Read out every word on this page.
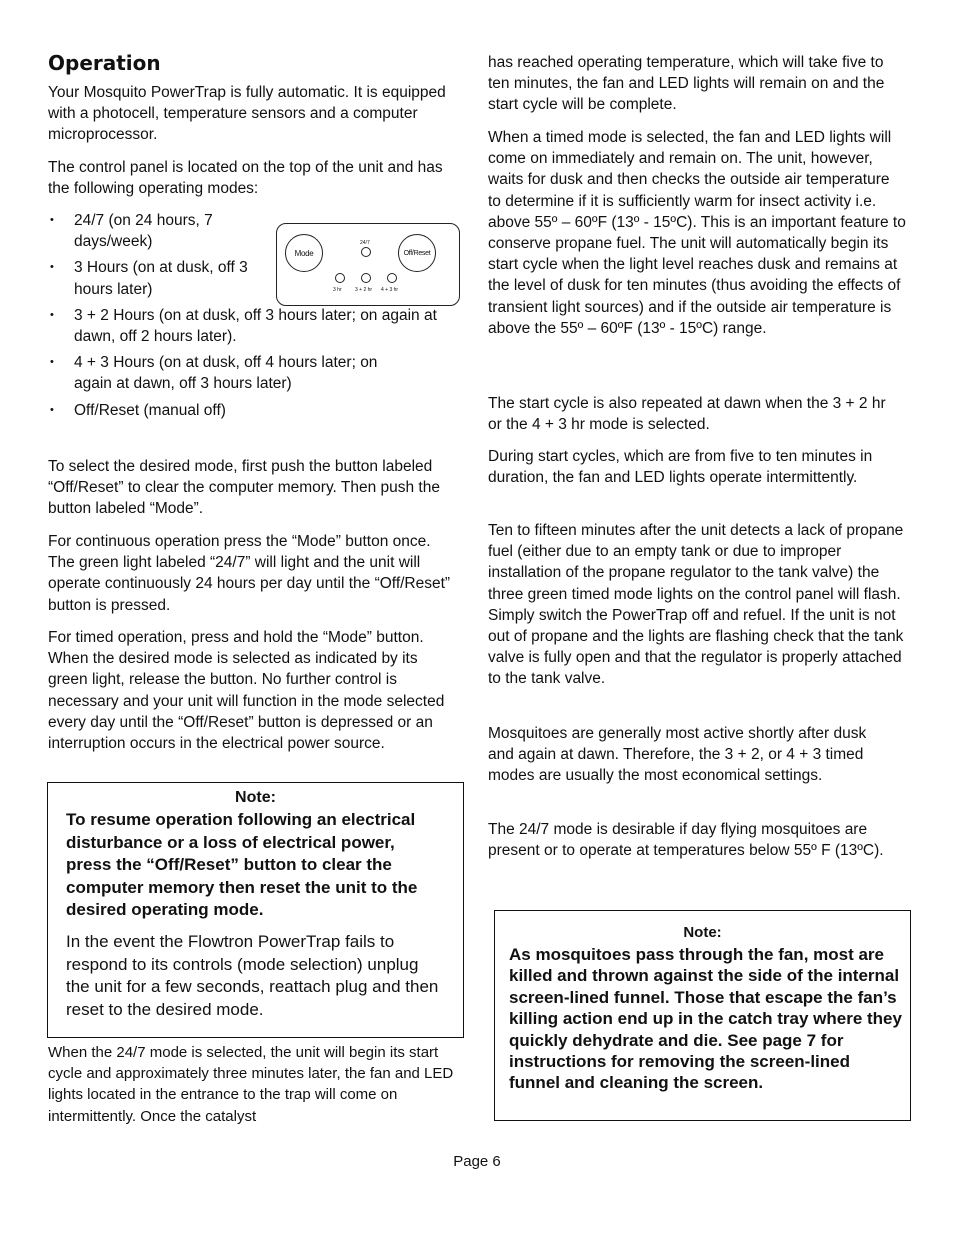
Operation

Your Mosquito PowerTrap is fully automatic. It is equipped with a photocell, temperature sensors and a computer microprocessor.

The control panel is located on the top of the unit and has the following operating modes:

• 24/7 (on 24 hours, 7 days/week)
• 3 Hours (on at dusk, off 3 hours later)
• 3 + 2 Hours (on at dusk, off 3 hours later; on again at dawn, off 2 hours later).
• 4 + 3 Hours (on at dusk, off 4 hours later; on again at dawn, off 3 hours later)
• Off/Reset (manual off)
Mode	Off/Reset
24/7
3 hr	3 + 2 hr 4 + 3 hr

To select the desired mode, first push the button labeled “Off/Reset” to clear the computer memory. Then push the button labeled “Mode”.

For continuous operation press the “Mode” button once. The green light labeled “24/7” will light and the unit will operate continuously 24 hours per day until the “Off/Reset” button is pressed.

For timed operation, press and hold the “Mode” button. When the desired mode is selected as indicated by its green light, release the button. No further control is necessary and your unit will function in the mode selected every day until the “Off/Reset” button is depressed or an interruption occurs in the electrical power source.

Note:
To resume operation following an electrical disturbance or a loss of electrical power, press the “Off/Reset” button to clear the computer memory then reset the unit to the desired operating mode.
In the event the Flowtron PowerTrap fails to respond to its controls (mode selection) unplug the unit for a few seconds, reattach plug and then reset to the desired mode.

When the 24/7 mode is selected, the unit will begin its start cycle and approximately three minutes later, the fan and LED lights located in the entrance to the trap will come on intermittently. Once the catalyst

has reached operating temperature, which will take five to ten minutes, the fan and LED lights will remain on and the start cycle will be complete.

When a timed mode is selected, the fan and LED lights will come on immediately and remain on. The unit, however, waits for dusk and then checks the outside air temperature to determine if it is sufficiently warm for insect activity i.e. above 55º – 60ºF (13º - 15ºC). This is an important feature to conserve propane fuel. The unit will automatically begin its start cycle when the light level reaches dusk and remains at the level of dusk for ten minutes (thus avoiding the effects of transient light sources) and if the outside air temperature is above the 55º – 60ºF (13º - 15ºC) range.

The start cycle is also repeated at dawn when the 3 + 2 hr or the 4 + 3 hr mode is selected.

During start cycles, which are from five to ten minutes in duration, the fan and LED lights operate intermittently.

Ten to fifteen minutes after the unit detects a lack of propane fuel (either due to an empty tank or due to improper installation of the propane regulator to the tank valve) the three green timed mode lights on the control panel will flash. Simply switch the PowerTrap off and refuel. If the unit is not out of propane and the lights are flashing check that the tank valve is fully open and that the regulator is properly attached to the tank valve.

Mosquitoes are generally most active shortly after dusk and again at dawn. Therefore, the 3 + 2, or 4 + 3 timed modes are usually the most economical settings.

The 24/7 mode is desirable if day flying mosquitoes are present or to operate at temperatures below 55º F (13ºC).

Note:
As mosquitoes pass through the fan, most are killed and thrown against the side of the internal screen-lined funnel. Those that escape the fan’s killing action end up in the catch tray where they quickly dehydrate and die. See page 7 for instructions for removing the screen-lined funnel and cleaning the screen.
Page 6
